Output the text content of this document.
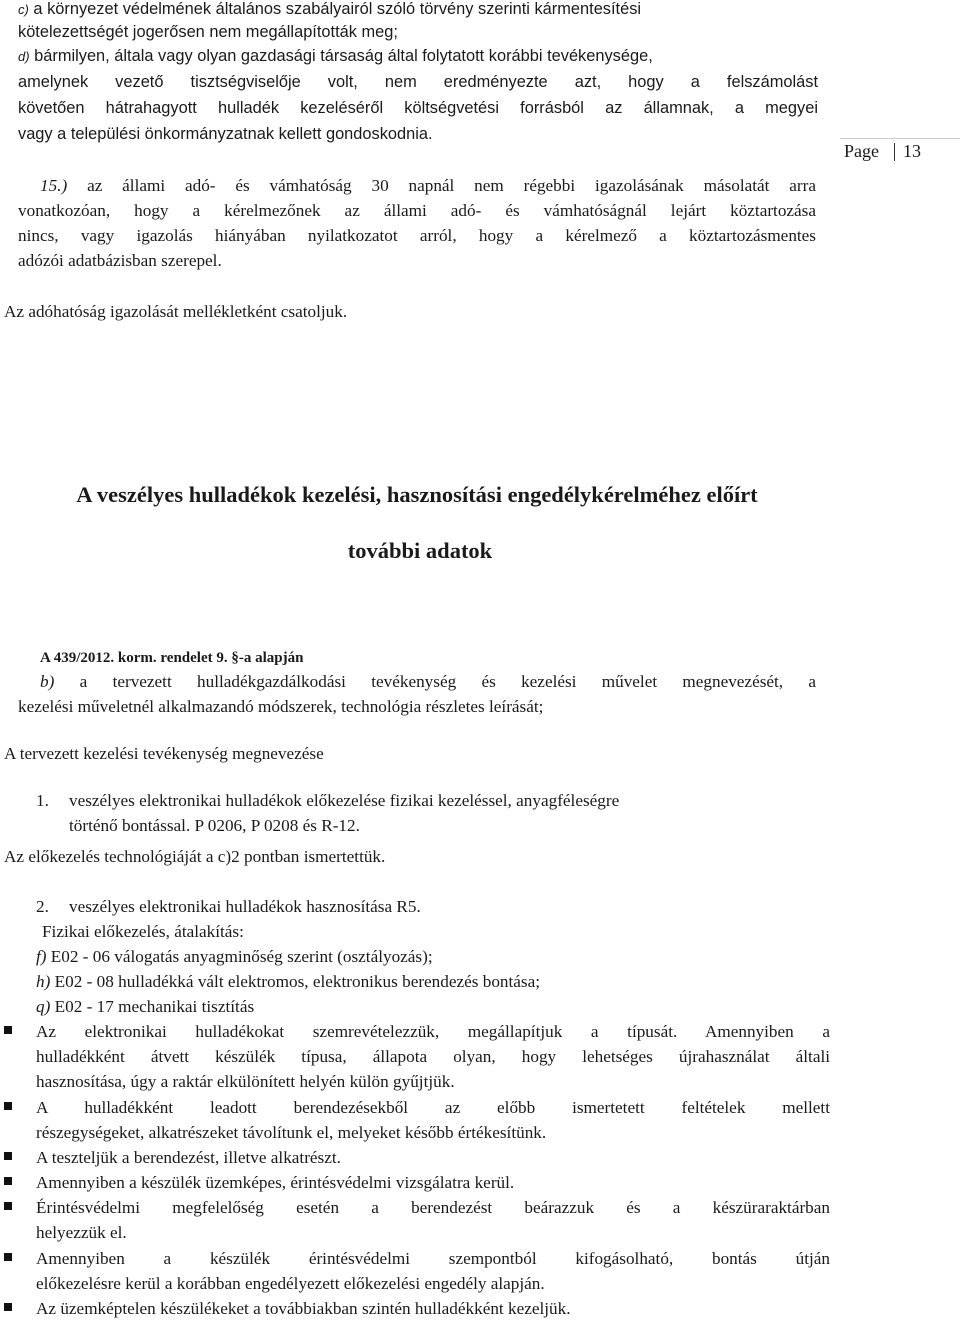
c) a környezet védelmének általános szabályairól szóló törvény szerinti kármentesítési
kötelezettségét jogerősen nem megállapították meg;
d) bármilyen, általa vagy olyan gazdasági társaság által folytatott korábbi tevékenysége,
amelynek vezető tisztségviselője volt, nem eredményezte azt, hogy a felszámolást
követően hátrahagyott hulladék kezeléséről költségvetési forrásból az államnak, a megyei
vagy a települési önkormányzatnak kellett gondoskodnia.
Page 13
15.) az állami adó- és vámhatóság 30 napnál nem régebbi igazolásának másolatát arra
vonatkozóan, hogy a kérelmezőnek az állami adó- és vámhatóságnál lejárt köztartozása
nincs, vagy igazolás hiányában nyilatkozatot arról, hogy a kérelmező a köztartozásmentes
adózói adatbázisban szerepel.
Az adóhatóság igazolását mellékletként csatoljuk.
A veszélyes hulladékok kezelési, hasznosítási engedélykérelméhez előírt
további adatok
A 439/2012. korm. rendelet 9. §-a alapján
b) a tervezett hulladékgazdálkodási tevékenység és kezelési művelet megnevezését, a
kezelési műveletnél alkalmazandó módszerek, technológia részletes leírását;
A tervezett kezelési tevékenység megnevezése
1. veszélyes elektronikai hulladékok előkezelése fizikai kezeléssel, anyagféleségre
történő bontással. P 0206, P 0208 és R-12.
Az előkezelés technológiáját a c)2 pontban ismertettük.
2. veszélyes elektronikai hulladékok hasznosítása R5.
Fizikai előkezelés, átalakítás:
f) E02 - 06 válogatás anyagminőség szerint (osztályozás);
h) E02 - 08 hulladékká vált elektromos, elektronikus berendezés bontása;
q) E02 - 17 mechanikai tisztítás
Az elektronikai hulladékokat szemrevételezzük, megállapítjuk a típusát. Amennyiben a
hulladékként átvett készülék típusa, állapota olyan, hogy lehetséges újrahasználat általi
hasznosítása, úgy a raktár elkülönített helyén külön gyűjtjük.
A hulladékként leadott berendezésekből az előbb ismertetett feltételek mellett
részegységeket, alkatrészeket távolítunk el, melyeket később értékesítünk.
A teszteljük a berendezést, illetve alkatrészt.
Amennyiben a készülék üzemképes, érintésvédelmi vizsgálatra kerül.
Érintésvédelmi megfelelőség esetén a berendezést beárazzuk és a készüraraktárban
helyezzük el.
Amennyiben a készülék érintésvédelmi szempontból kifogásolható, bontás útján
előkezelésre kerül a korábban engedélyezett előkezelési engedély alapján.
Az üzemképtelen készülékeket a továbbiakban szintén hulladékként kezeljük.
